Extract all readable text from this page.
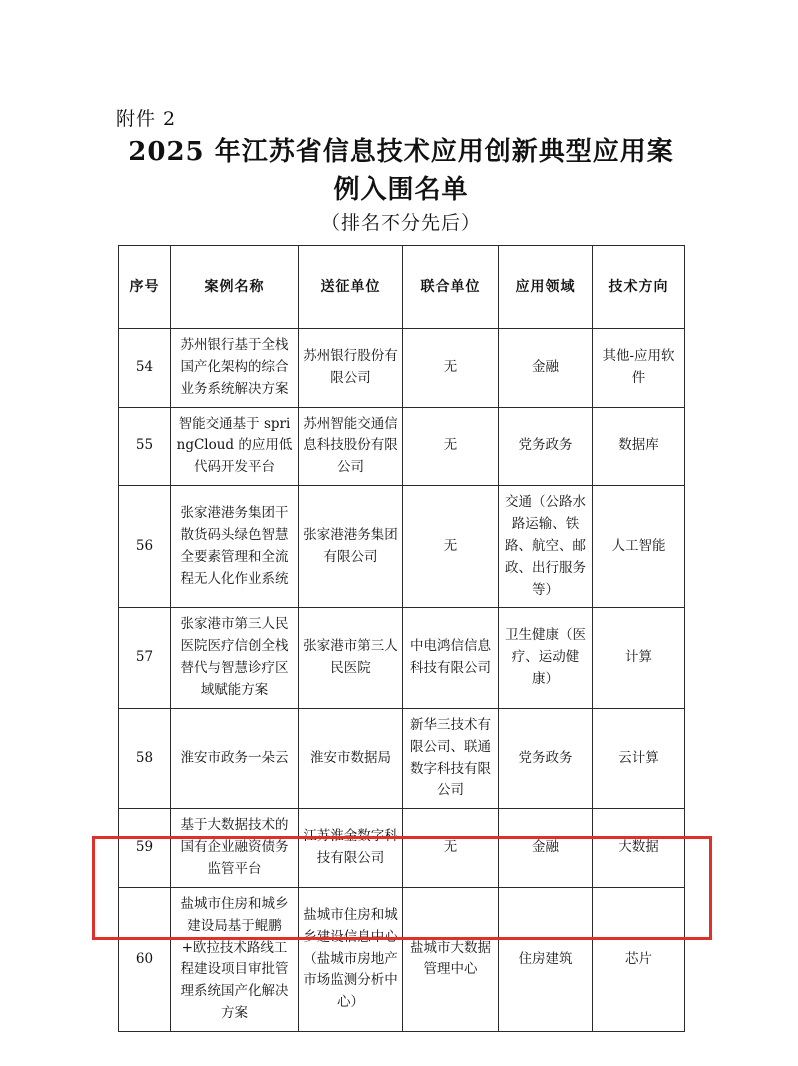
附件 2
2025 年江苏省信息技术应用创新典型应用案例入围名单
（排名不分先后）
序号	案例名称	送征单位	联合单位	应用领域	技术方向
54	苏州银行基于全栈国产化架构的综合业务系统解决方案	苏州银行股份有限公司	无	金融	其他-应用软件
55	智能交通基于 springCloud 的应用低代码开发平台	苏州智能交通信息科技股份有限公司	无	党务政务	数据库
56	张家港港务集团干散货码头绿色智慧全要素管理和全流程无人化作业系统	张家港港务集团有限公司	无	交通（公路水路运输、铁路、航空、邮政、出行服务等）	人工智能
57	张家港市第三人民医院医疗信创全栈替代与智慧诊疗区域赋能方案	张家港市第三人民医院	中电鸿信信息科技有限公司	卫生健康（医疗、运动健康）	计算
58	淮安市政务一朵云	淮安市数据局	新华三技术有限公司、联通数字科技有限公司	党务政务	云计算
59	基于大数据技术的国有企业融资债务监管平台	江苏淮金数字科技有限公司	无	金融	大数据
60	盐城市住房和城乡建设局基于鲲鹏+欧拉技术路线工程建设项目审批管理系统国产化解决方案	盐城市住房和城乡建设信息中心（盐城市房地产市场监测分析中心）	盐城市大数据管理中心	住房建筑	芯片
